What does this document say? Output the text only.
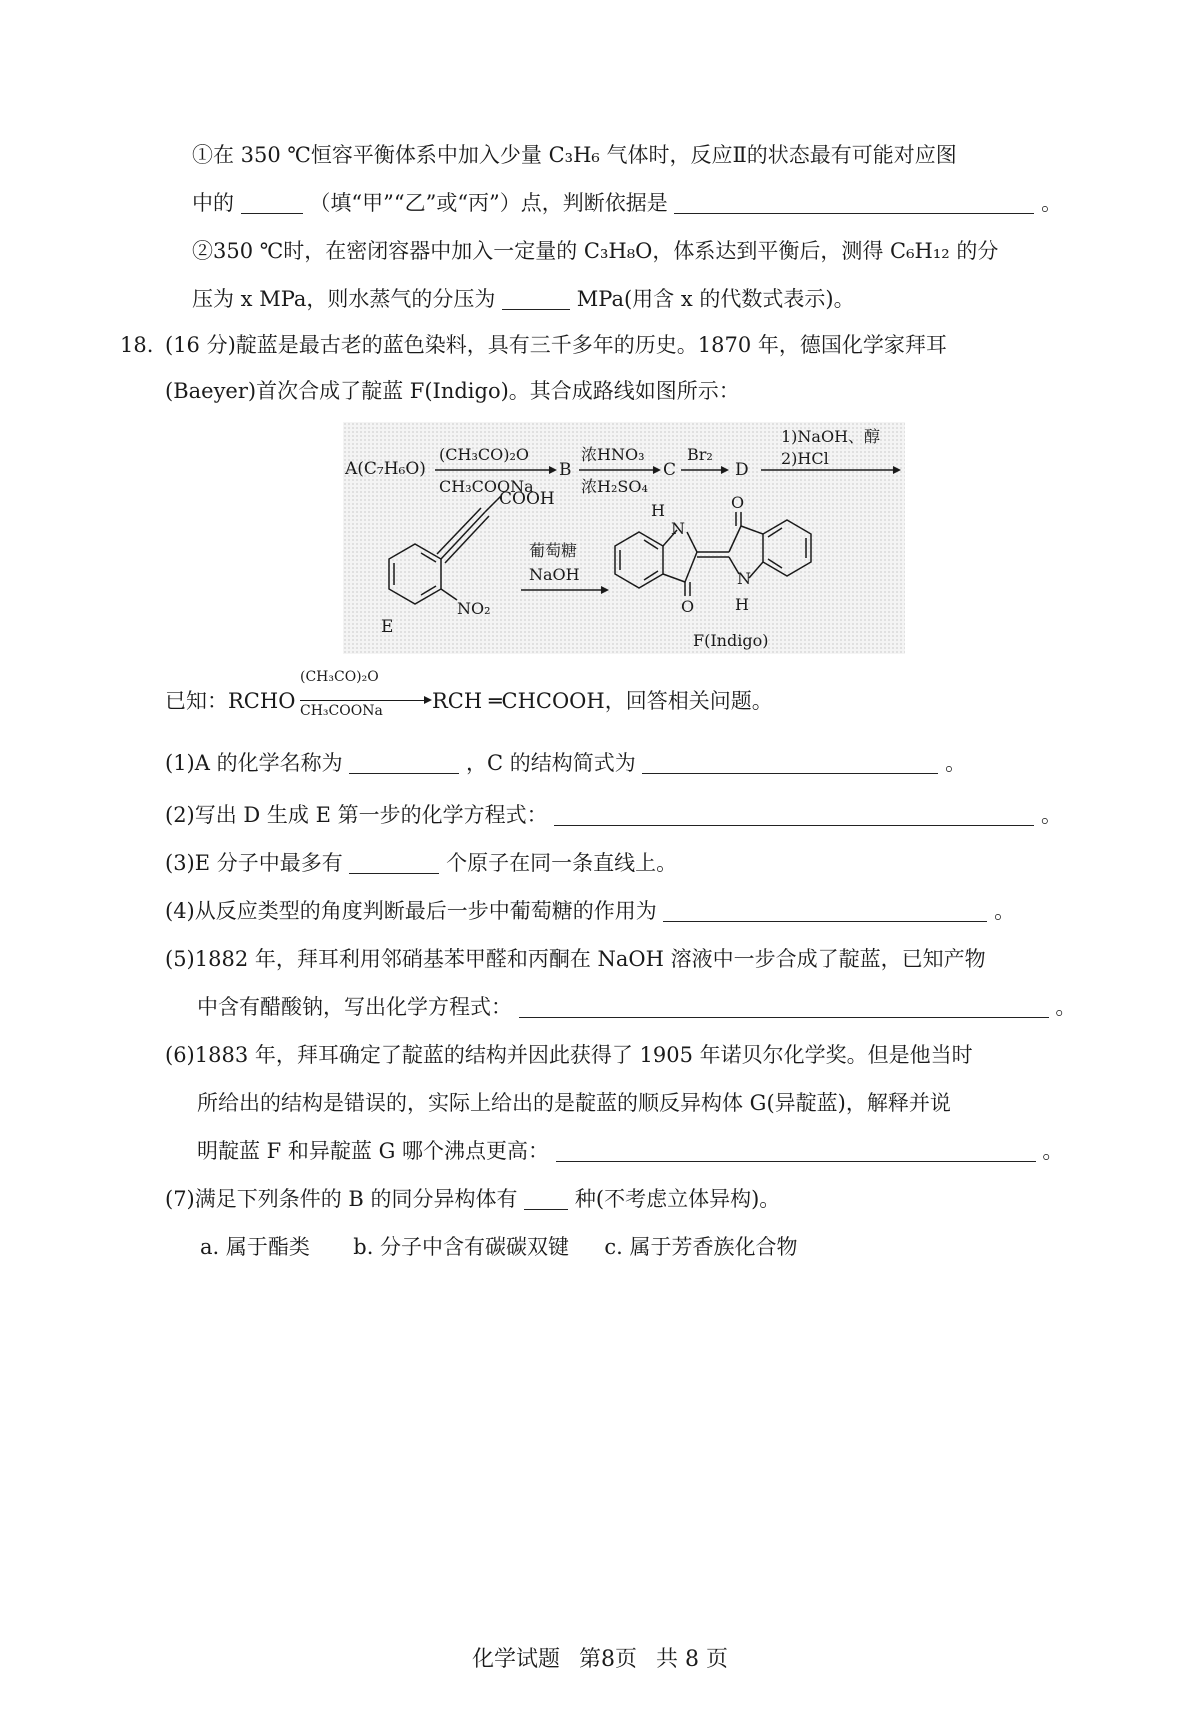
①在 350 ℃恒容平衡体系中加入少量 C₃H₆ 气体时，反应Ⅱ的状态最有可能对应图
中的	（填“甲”“乙”或“丙”）点，判断依据是	。
②350 ℃时，在密闭容器中加入一定量的 C₃H₈O，体系达到平衡后，测得 C₆H₁₂ 的分
压为 x MPa，则水蒸气的分压为	MPa(用含 x 的代数式表示)。
18. (16 分)靛蓝是最古老的蓝色染料，具有三千多年的历史。1870 年，德国化学家拜耳
(Baeyer)首次合成了靛蓝 F(Indigo)。其合成路线如图所示：
A(C₇H₆O)
(CH₃CO)₂O
CH₃COONa
B
浓HNO₃
浓H₂SO₄
C
Br₂
D
1)NaOH、醇
2)HCl
COOH
NO₂
E
葡萄糖
NaOH
H
N
O
N
H
O
F(Indigo)
已知：RCHO
(CH₃CO)₂O
CH₃COONa RCH ═CHCOOH，回答相关问题。
(1)A 的化学名称为	，C 的结构简式为	。
(2)写出 D 生成 E 第一步的化学方程式：	。
(3)E 分子中最多有	个原子在同一条直线上。
(4)从反应类型的角度判断最后一步中葡萄糖的作用为	。
(5)1882 年，拜耳利用邻硝基苯甲醛和丙酮在 NaOH 溶液中一步合成了靛蓝，已知产物
中含有醋酸钠，写出化学方程式：	。
(6)1883 年，拜耳确定了靛蓝的结构并因此获得了 1905 年诺贝尔化学奖。但是他当时
所给出的结构是错误的，实际上给出的是靛蓝的顺反异构体 G(异靛蓝)，解释并说
明靛蓝 F 和异靛蓝 G 哪个沸点更高：	。
(7)满足下列条件的 B 的同分异构体有	种(不考虑立体异构)。
a. 属于酯类 b. 分子中含有碳碳双键 c. 属于芳香族化合物
化学试题 第8页 共 8 页
